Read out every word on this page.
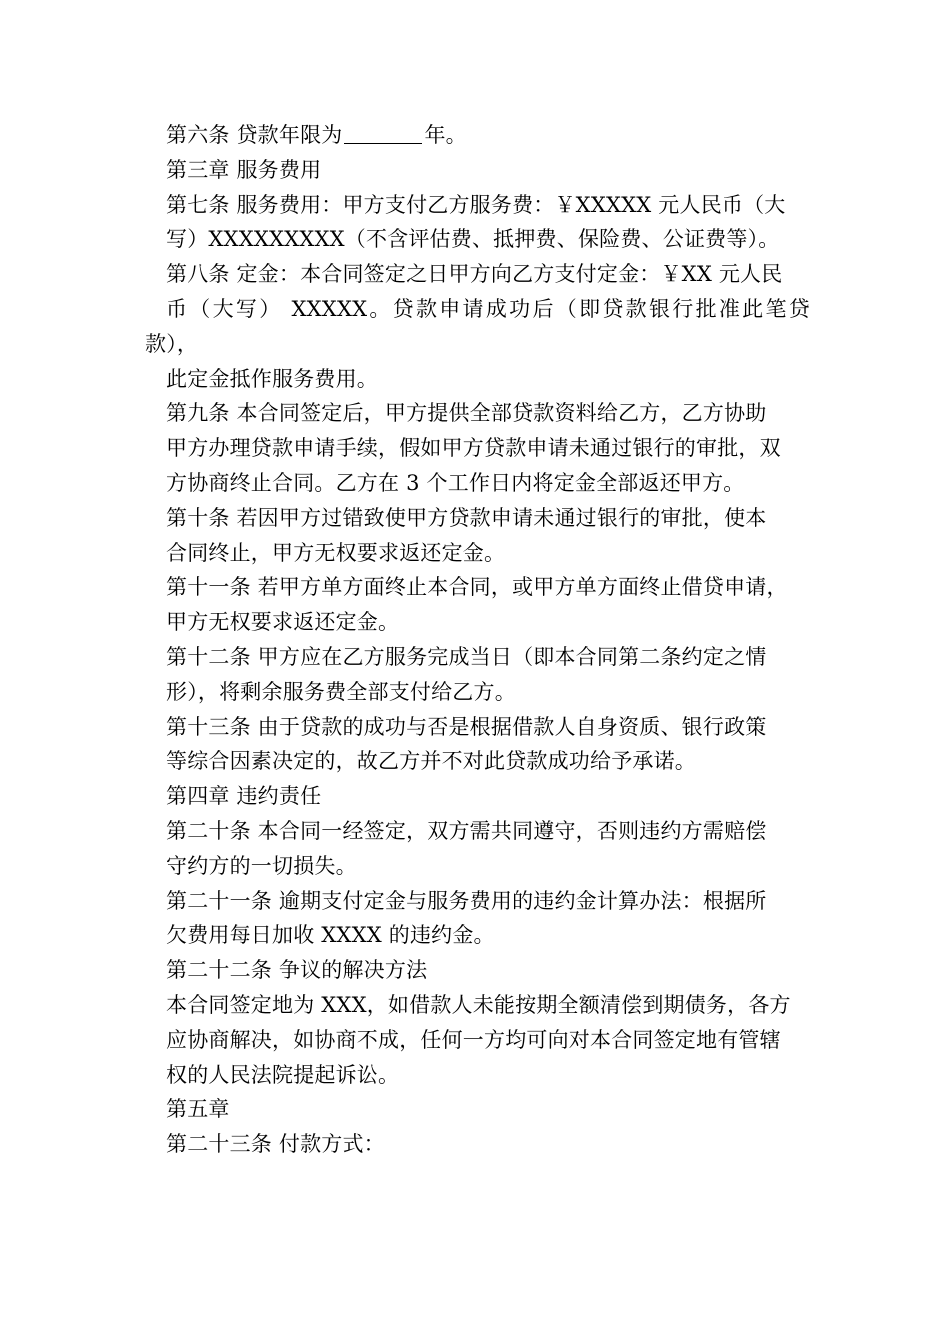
第六条 贷款年限为	年。

第三章 服务费用

第七条 服务费用：甲方支付乙方服务费：￥XXXXX 元人民币（大
写）XXXXXXXXX（不含评估费、抵押费、保险费、公证费等）。

第八条 定金：本合同签定之日甲方向乙方支付定金：￥XX 元人民
币（大写） XXXXX。贷款申请成功后（即贷款银行批准此笔贷款），
此定金抵作服务费用。

第九条 本合同签定后，甲方提供全部贷款资料给乙方，乙方协助
甲方办理贷款申请手续，假如甲方贷款申请未通过银行的审批，双
方协商终止合同。乙方在 3 个工作日内将定金全部返还甲方。

第十条 若因甲方过错致使甲方贷款申请未通过银行的审批，使本
合同终止，甲方无权要求返还定金。

第十一条 若甲方单方面终止本合同，或甲方单方面终止借贷申请，
甲方无权要求返还定金。

第十二条 甲方应在乙方服务完成当日（即本合同第二条约定之情
形），将剩余服务费全部支付给乙方。

第十三条 由于贷款的成功与否是根据借款人自身资质、银行政策
等综合因素决定的，故乙方并不对此贷款成功给予承诺。

第四章 违约责任

第二十条 本合同一经签定，双方需共同遵守，否则违约方需赔偿
守约方的一切损失。

第二十一条 逾期支付定金与服务费用的违约金计算办法：根据所
欠费用每日加收 XXXX 的违约金。

第二十二条 争议的解决方法

本合同签定地为 XXX，如借款人未能按期全额清偿到期债务，各方
应协商解决，如协商不成，任何一方均可向对本合同签定地有管辖
权的人民法院提起诉讼。

第五章

第二十三条 付款方式：
